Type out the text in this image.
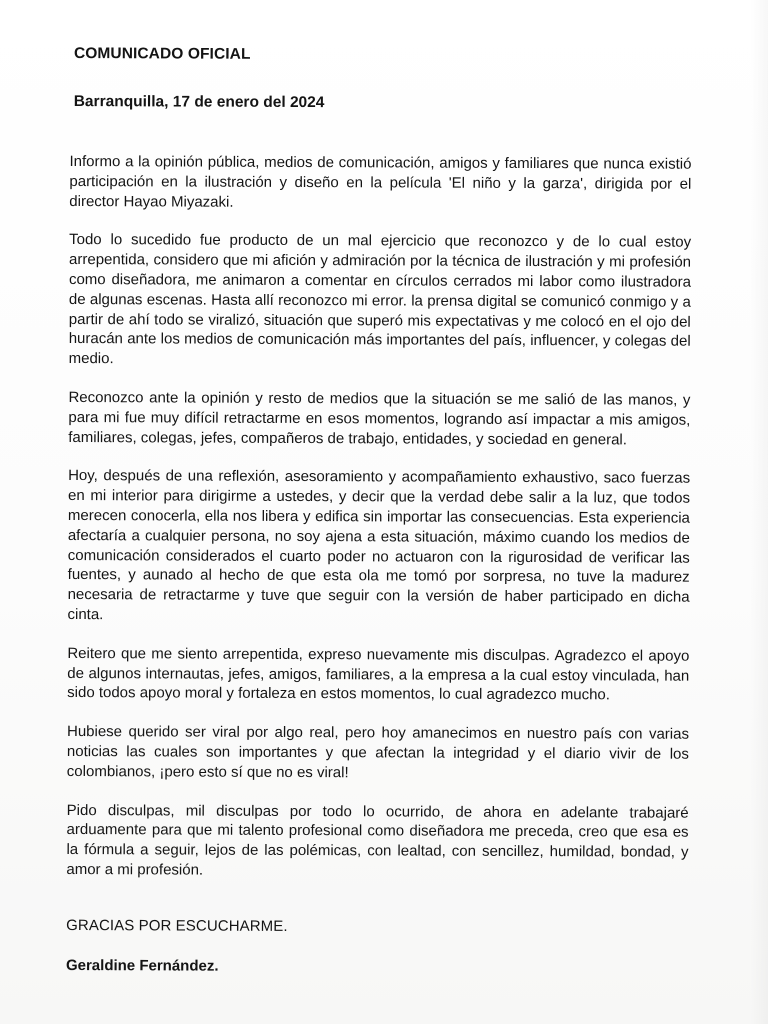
COMUNICADO OFICIAL
Barranquilla, 17 de enero del 2024

Informo a la opinión pública, medios de comunicación, amigos y familiares que nunca existió participación en la ilustración y diseño en la película 'El niño y la garza', dirigida por el director Hayao Miyazaki.

Todo lo sucedido fue producto de un mal ejercicio que reconozco y de lo cual estoy arrepentida, considero que mi afición y admiración por la técnica de ilustración y mi profesión como diseñadora, me animaron a comentar en círculos cerrados mi labor como ilustradora de algunas escenas. Hasta allí reconozco mi error. la prensa digital se comunicó conmigo y a partir de ahí todo se viralizó, situación que superó mis expectativas y me colocó en el ojo del huracán ante los medios de comunicación más importantes del país, influencer, y colegas del medio.

Reconozco ante la opinión y resto de medios que la situación se me salió de las manos, y para mi fue muy difícil retractarme en esos momentos, logrando así impactar a mis amigos, familiares, colegas, jefes, compañeros de trabajo, entidades, y sociedad en general.

Hoy, después de una reflexión, asesoramiento y acompañamiento exhaustivo, saco fuerzas en mi interior para dirigirme a ustedes, y decir que la verdad debe salir a la luz, que todos merecen conocerla, ella nos libera y edifica sin importar las consecuencias. Esta experiencia afectaría a cualquier persona, no soy ajena a esta situación, máximo cuando los medios de comunicación considerados el cuarto poder no actuaron con la rigurosidad de verificar las fuentes, y aunado al hecho de que esta ola me tomó por sorpresa, no tuve la madurez necesaria de retractarme y tuve que seguir con la versión de haber participado en dicha cinta.

Reitero que me siento arrepentida, expreso nuevamente mis disculpas. Agradezco el apoyo de algunos internautas, jefes, amigos, familiares, a la empresa a la cual estoy vinculada, han sido todos apoyo moral y fortaleza en estos momentos, lo cual agradezco mucho.

Hubiese querido ser viral por algo real, pero hoy amanecimos en nuestro país con varias noticias las cuales son importantes y que afectan la integridad y el diario vivir de los colombianos, ¡pero esto sí que no es viral!

Pido disculpas, mil disculpas por todo lo ocurrido, de ahora en adelante trabajaré arduamente para que mi talento profesional como diseñadora me preceda, creo que esa es la fórmula a seguir, lejos de las polémicas, con lealtad, con sencillez, humildad, bondad, y amor a mi profesión.

GRACIAS POR ESCUCHARME.
Geraldine Fernández.
